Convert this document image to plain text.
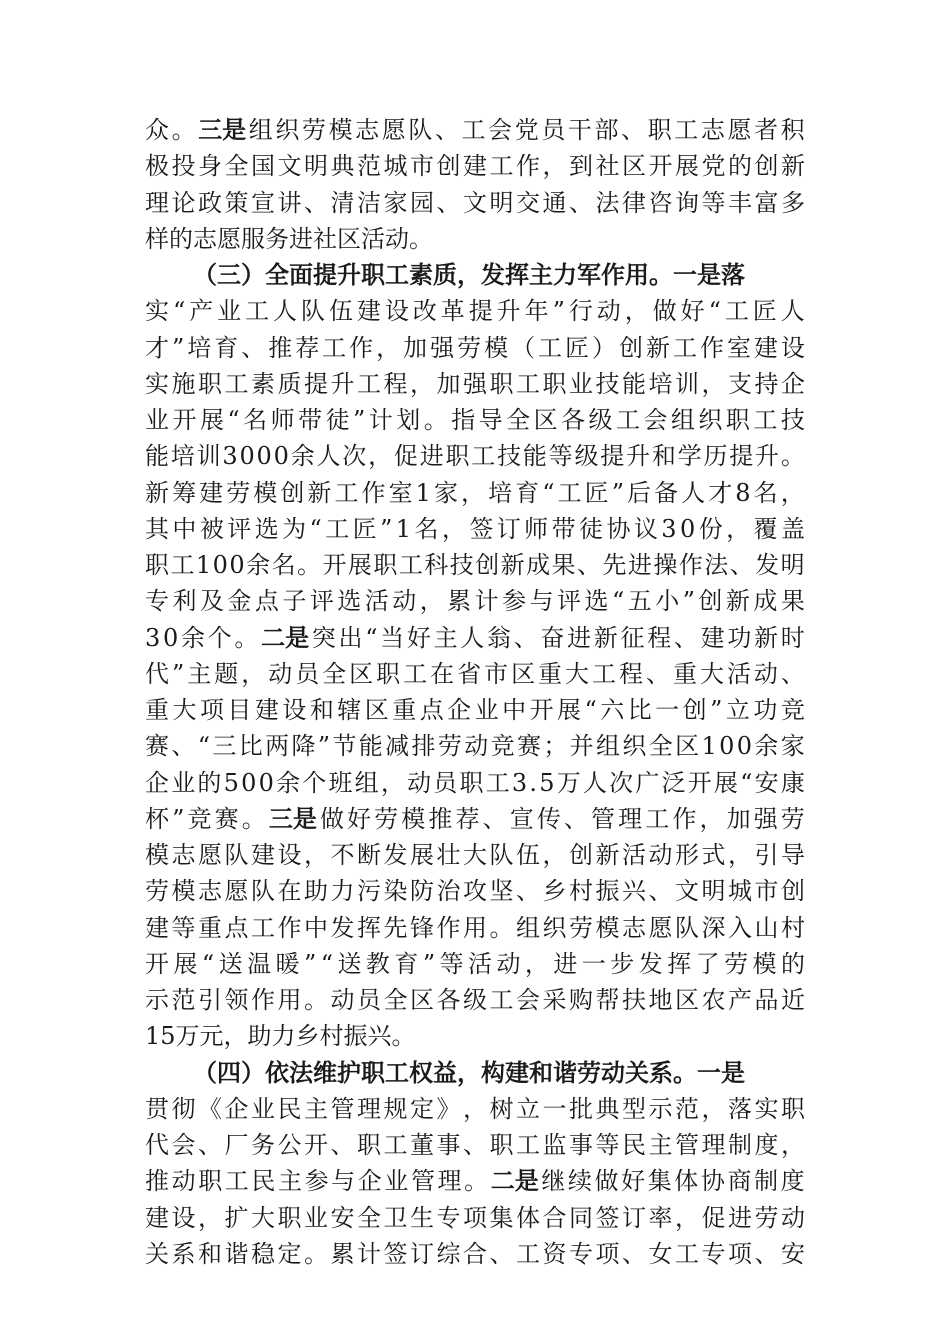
众 。 三是 组 织 劳 模 志 愿 队 、 工 会 党 员 干 部 、 职 工 志 愿 者 积
极 投 身 全 国 文 明 典 范 城 市 创 建 工 作 ， 到 社 区 开 展 党 的 创 新
理 论 政 策 宣 讲 、 清 洁 家 园 、 文 明 交 通 、 法 律 咨 询 等 丰 富 多
样的志愿服务进社区活动。
（三）全面提升职工素质，发挥主力军作用。一是落
实 “ 产 业 工 人 队 伍 建 设 改 革 提 升 年 ” 行 动 ， 做 好 “ 工 匠 人
才 ” 培 育 、 推 荐 工 作 ， 加 强 劳 模 （ 工 匠 ） 创 新 工 作 室 建 设
实 施 职 工 素 质 提 升 工 程 ， 加 强 职 工 职 业 技 能 培 训 ， 支 持 企
业 开 展 “ 名 师 带 徒 ” 计 划 。 指 导 全 区 各 级 工 会 组 织 职 工 技
能 培 训 3 0 0 0 余 人 次 ， 促 进 职 工 技 能 等 级 提 升 和 学 历 提 升 。
新 筹 建 劳 模 创 新 工 作 室 1 家 ， 培 育 “ 工 匠 ” 后 备 人 才 8 名 ，
其 中 被 评 选 为 “ 工 匠 ” 1 名 ， 签 订 师 带 徒 协 议 3 0 份 ， 覆 盖
职 工 1 0 0 余 名 。 开 展 职 工 科 技 创 新 成 果 、 先 进 操 作 法 、 发 明
专 利 及 金 点 子 评 选 活 动 ， 累 计 参 与 评 选 “ 五 小 ” 创 新 成 果
3 0 余 个 。 二是 突 出 “ 当 好 主 人 翁 、 奋 进 新 征 程 、 建 功 新 时
代 ” 主 题 ， 动 员 全 区 职 工 在 省 市 区 重 大 工 程 、 重 大 活 动 、
重 大 项 目 建 设 和 辖 区 重 点 企 业 中 开 展 “ 六 比 一 创 ” 立 功 竞
赛 、 “ 三 比 两 降 ” 节 能 减 排 劳 动 竞 赛 ； 并 组 织 全 区 1 0 0 余 家
企 业 的 5 0 0 余 个 班 组 ， 动 员 职 工 3 . 5 万 人 次 广 泛 开 展 “ 安 康
杯 ” 竞 赛 。 三是 做 好 劳 模 推 荐 、 宣 传 、 管 理 工 作 ， 加 强 劳
模 志 愿 队 建 设 ， 不 断 发 展 壮 大 队 伍 ， 创 新 活 动 形 式 ， 引 导
劳 模 志 愿 队 在 助 力 污 染 防 治 攻 坚 、 乡 村 振 兴 、 文 明 城 市 创
建 等 重 点 工 作 中 发 挥 先 锋 作 用 。 组 织 劳 模 志 愿 队 深 入 山 村
开 展 “ 送 温 暖 ” “ 送 教 育 ” 等 活 动 ， 进 一 步 发 挥 了 劳 模 的
示 范 引 领 作 用 。 动 员 全 区 各 级 工 会 采 购 帮 扶 地 区 农 产 品 近
15万元，助力乡村振兴。
（四）依法维护职工权益，构建和谐劳动关系。一是
贯 彻 《 企 业 民 主 管 理 规 定 》 ， 树 立 一 批 典 型 示 范 ， 落 实 职
代 会 、 厂 务 公 开 、 职 工 董 事 、 职 工 监 事 等 民 主 管 理 制 度 ，
推 动 职 工 民 主 参 与 企 业 管 理 。 二是 继 续 做 好 集 体 协 商 制 度
建 设 ， 扩 大 职 业 安 全 卫 生 专 项 集 体 合 同 签 订 率 ， 促 进 劳 动
关 系 和 谐 稳 定 。 累 计 签 订 综 合 、 工 资 专 项 、 女 工 专 项 、 安
